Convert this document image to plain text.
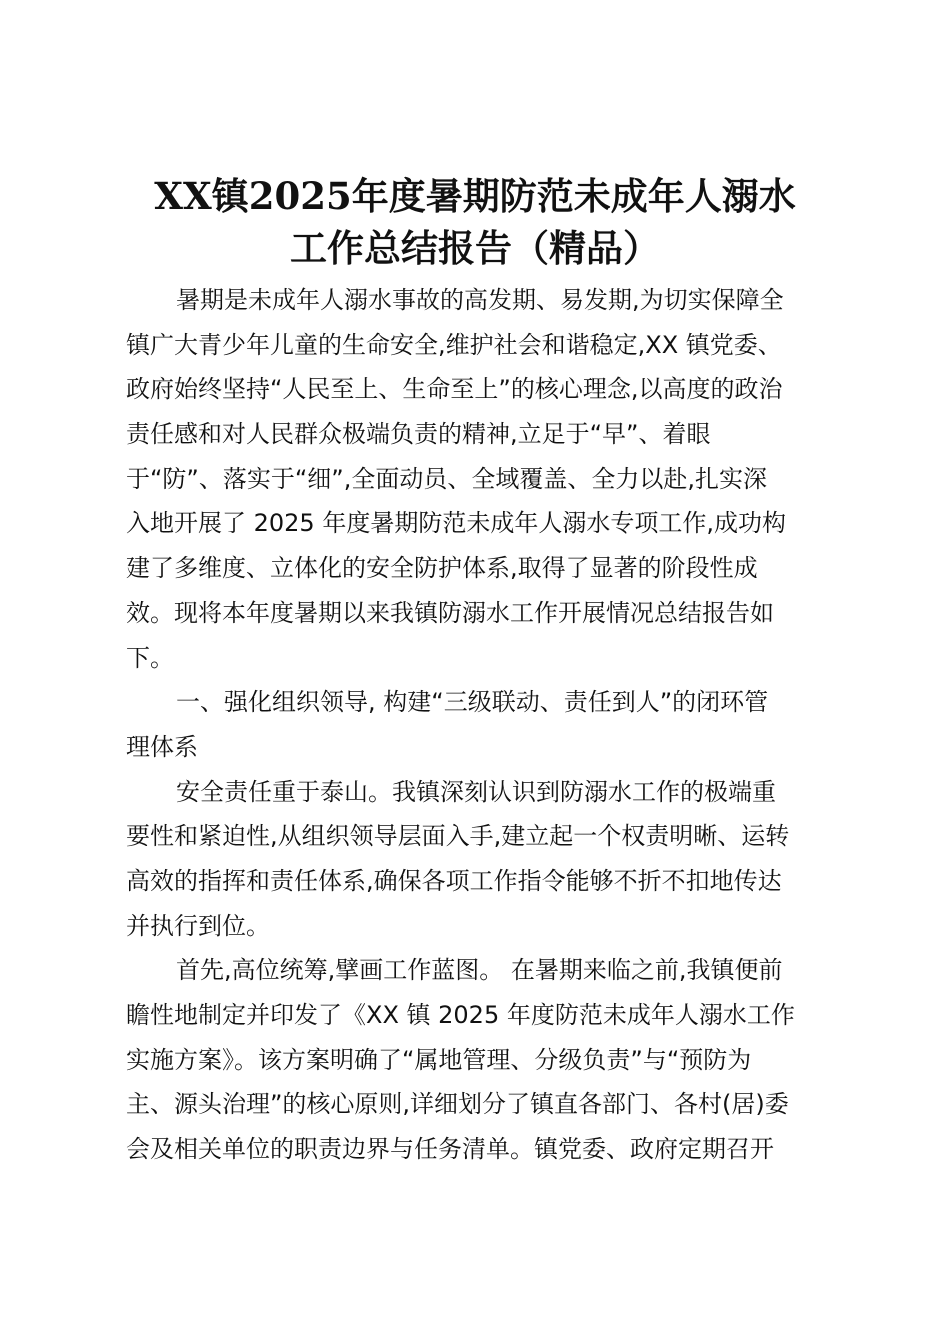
XX镇2025年度暑期防范未成年人溺水
工作总结报告（精品）
暑期是未成年人溺水事故的高发期、易发期,为切实保障全
镇广大青少年儿童的生命安全,维护社会和谐稳定,XX 镇党委、
政府始终坚持“人民至上、生命至上”的核心理念,以高度的政治
责任感和对人民群众极端负责的精神,立足于“早”、着眼
于“防”、落实于“细”,全面动员、全域覆盖、全力以赴,扎实深
入地开展了 2025 年度暑期防范未成年人溺水专项工作,成功构
建了多维度、立体化的安全防护体系,取得了显著的阶段性成
效。现将本年度暑期以来我镇防溺水工作开展情况总结报告如
下。
一、强化组织领导, 构建“三级联动、责任到人”的闭环管
理体系
安全责任重于泰山。我镇深刻认识到防溺水工作的极端重
要性和紧迫性,从组织领导层面入手,建立起一个权责明晰、运转
高效的指挥和责任体系,确保各项工作指令能够不折不扣地传达
并执行到位。
首先,高位统筹,擘画工作蓝图。 在暑期来临之前,我镇便前
瞻性地制定并印发了《XX 镇 2025 年度防范未成年人溺水工作
实施方案》。该方案明确了“属地管理、分级负责”与“预防为
主、源头治理”的核心原则,详细划分了镇直各部门、各村(居)委
会及相关单位的职责边界与任务清单。镇党委、政府定期召开
